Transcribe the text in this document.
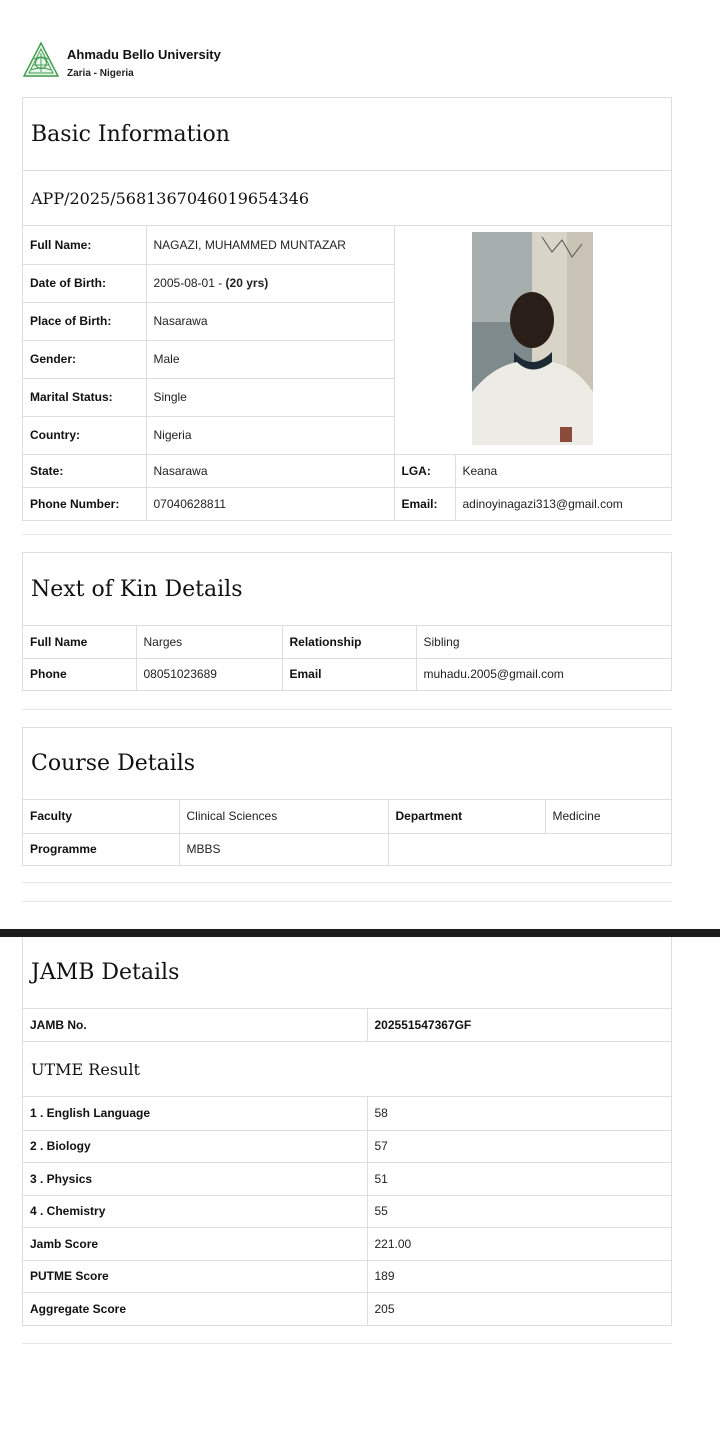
Ahmadu Bello University
Zaria - Nigeria
Basic Information
APP/2025/5681367046019654346
Full Name:	NAGAZI, MUHAMMED MUNTAZAR	
Date of Birth:	2005-08-01 - (20 yrs)		
Place of Birth:	Nasarawa		
Gender:	Male		
Marital Status:	Single		
Country:	Nigeria		
State:	Nasarawa	LGA:	Keana
Phone Number:	07040628811	Email:	adinoyinagazi313@gmail.com
Next of Kin Details
Full Name	Narges	Relationship	Sibling
Phone	08051023689	Email	muhadu.2005@gmail.com
Course Details
Faculty	Clinical Sciences	Department	Medicine
Programme	MBBS		
JAMB Details
JAMB No.	202551547367GF
UTME Result
1 . English Language	58
2 . Biology	57
3 . Physics	51
4 . Chemistry	55
Jamb Score	221.00
PUTME Score	189
Aggregate Score	205
